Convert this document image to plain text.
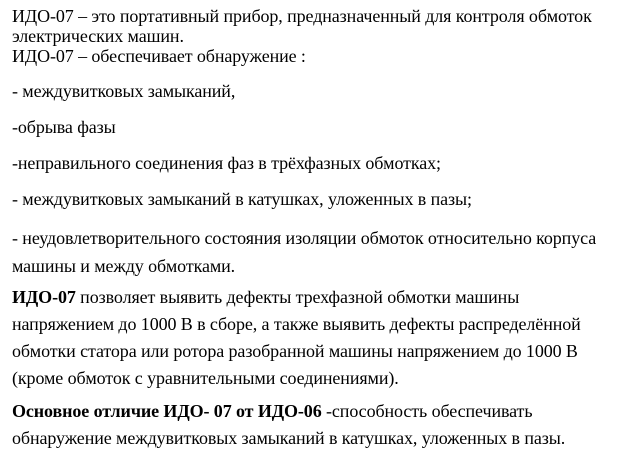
ИДО-07 – это портативный прибор, предназначенный для контроля обмоток
электрических машин.
ИДО-07 – обеспечивает обнаружение :
- междувитковых замыканий,
-обрыва фазы
-неправильного соединения фаз в трёхфазных обмотках;
- междувитковых замыканий в катушках, уложенных в пазы;
- неудовлетворительного состояния изоляции обмоток относительно корпуса
машины и между обмотками.
ИДО-07 позволяет выявить дефекты трехфазной обмотки машины
напряжением до 1000 В в сборе, а также выявить дефекты распределённой
обмотки статора или ротора разобранной машины напряжением до 1000 В
(кроме обмоток с уравнительными соединениями).
Основное отличие ИДО- 07 от ИДО-06 -способность обеспечивать
обнаружение междувитковых замыканий в катушках, уложенных в пазы.
